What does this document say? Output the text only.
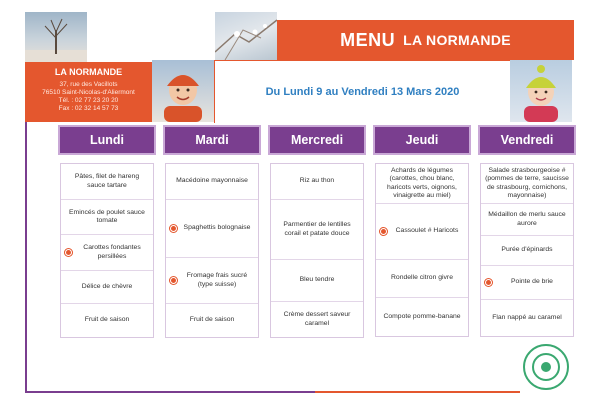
MENU LA NORMANDE
LA NORMANDE
37, rue des Vacillots
76510 Saint-Nicolas-d'Aliermont
Tél. : 02 77 23 20 20
Fax : 02 32 14 57 73
Du Lundi 9 au Vendredi 13 Mars 2020
Lundi
Pâtes, filet de hareng sauce tartare
Emincés de poulet sauce tomate
Carottes fondantes persillées
Délice de chèvre
Fruit de saison
Mardi
Macédoine mayonnaise
Spaghettis bolognaise
Fromage frais sucré (type suisse)
Fruit de saison
Mercredi
Riz au thon
Parmentier de lentilles corail et patate douce
Bleu tendre
Crème dessert saveur caramel
Jeudi
Achards de légumes (carottes, chou blanc, haricots verts, oignons, vinaigrette au miel)
Cassoulet # Haricots
Rondelle citron givre
Compote pomme-banane
Vendredi
Salade strasbourgeoise # (pommes de terre, saucisse de strasbourg, cornichons, mayonnaise)
Médaillon de merlu sauce aurore
Purée d'épinards
Pointe de brie
Flan nappé au caramel
